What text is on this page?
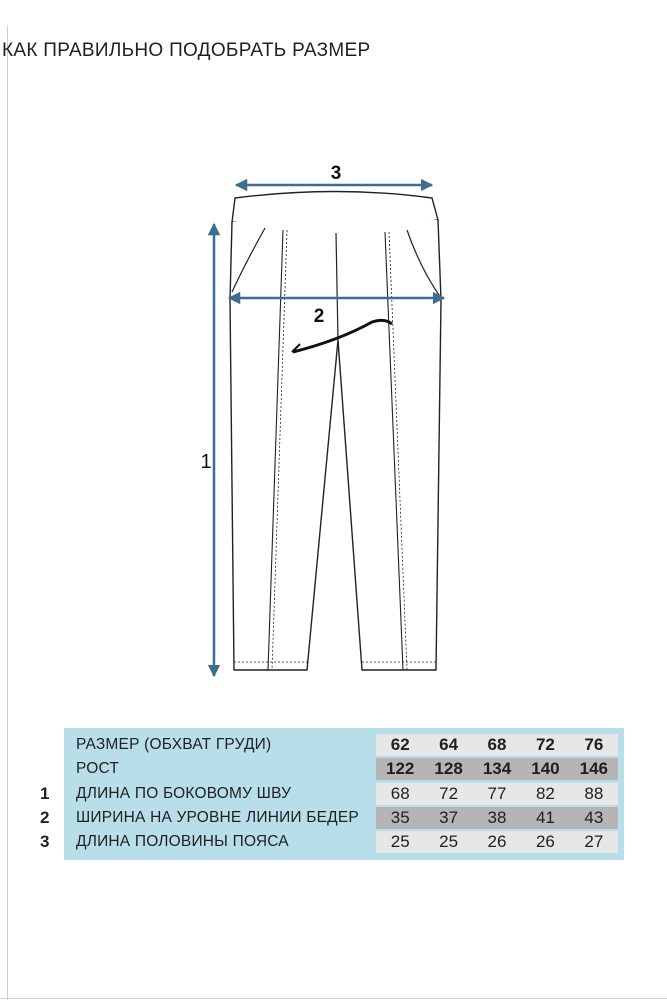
КАК ПРАВИЛЬНО ПОДОБРАТЬ РАЗМЕР
3
2
1
РАЗМЕР (ОБХВАТ ГРУДИ)	62	64	68	72	76
РОСТ	122	128	134	140	146
ДЛИНА ПО БОКОВОМУ ШВУ	68	72	77	82	88
ШИРИНА НА УРОВНЕ ЛИНИИ БЕДЕР	35	37	38	41	43
ДЛИНА ПОЛОВИНЫ ПОЯСА	25	25	26	26	27
1
2
3
